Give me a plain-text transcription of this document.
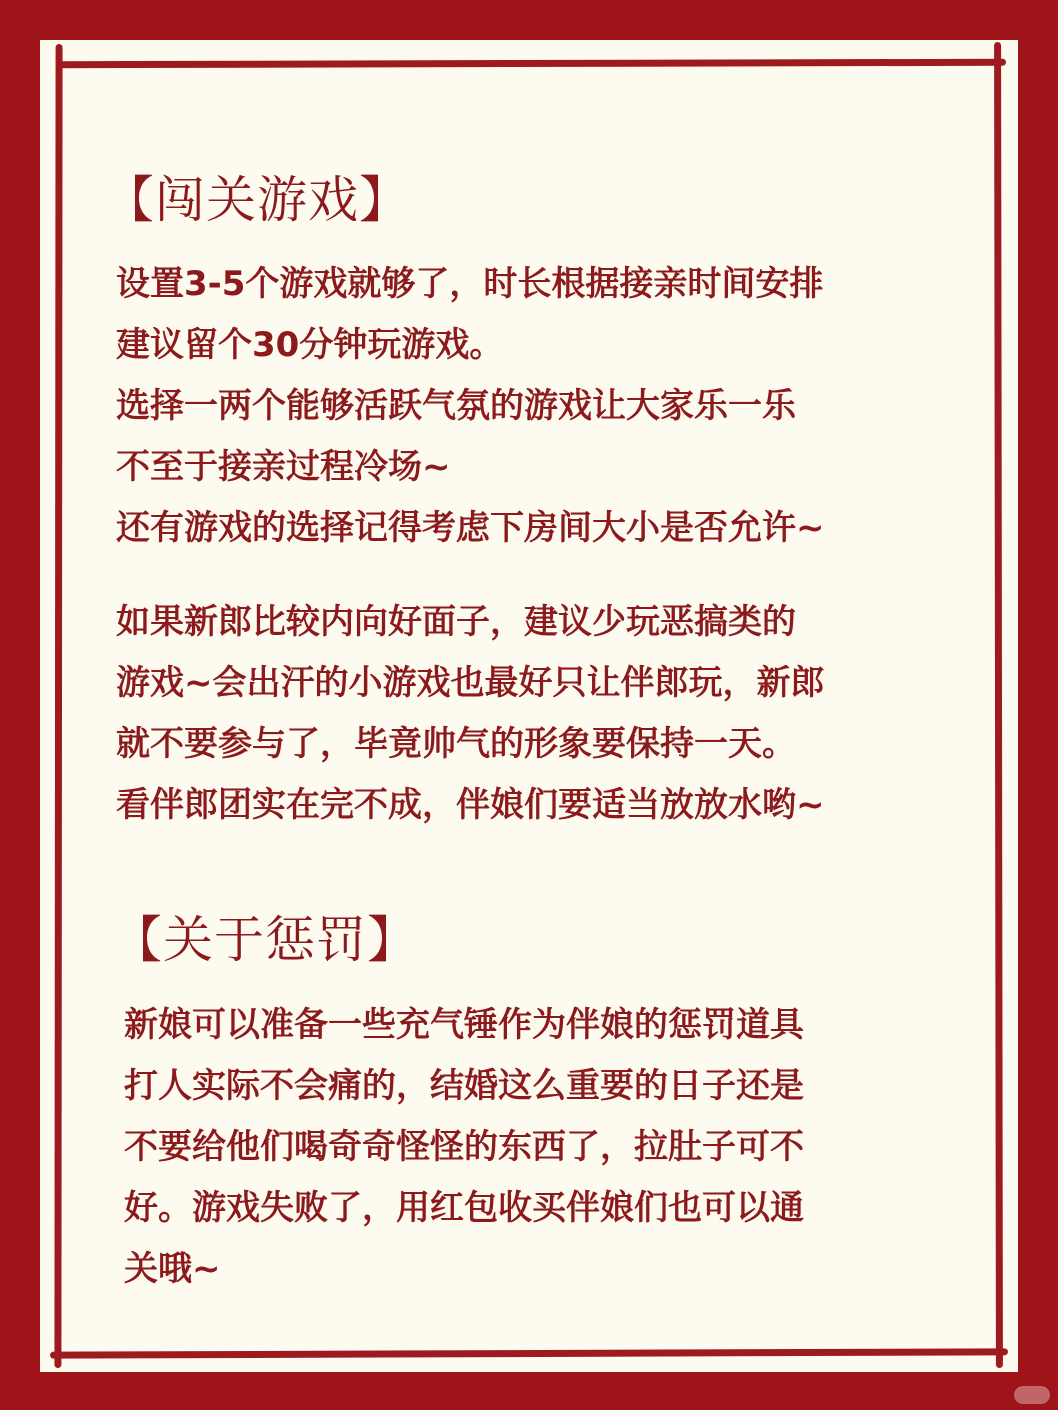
【闯关游戏】
设置3-5个游戏就够了，时长根据接亲时间安排
建议留个30分钟玩游戏。
选择一两个能够活跃气氛的游戏让大家乐一乐
不至于接亲过程冷场~
还有游戏的选择记得考虑下房间大小是否允许~
如果新郎比较内向好面子，建议少玩恶搞类的
游戏~会出汗的小游戏也最好只让伴郎玩，新郎
就不要参与了，毕竟帅气的形象要保持一天。
看伴郎团实在完不成，伴娘们要适当放放水哟~
【关于惩罚】
新娘可以准备一些充气锤作为伴娘的惩罚道具
打人实际不会痛的，结婚这么重要的日子还是
不要给他们喝奇奇怪怪的东西了，拉肚子可不
好。游戏失败了，用红包收买伴娘们也可以通
关哦~
